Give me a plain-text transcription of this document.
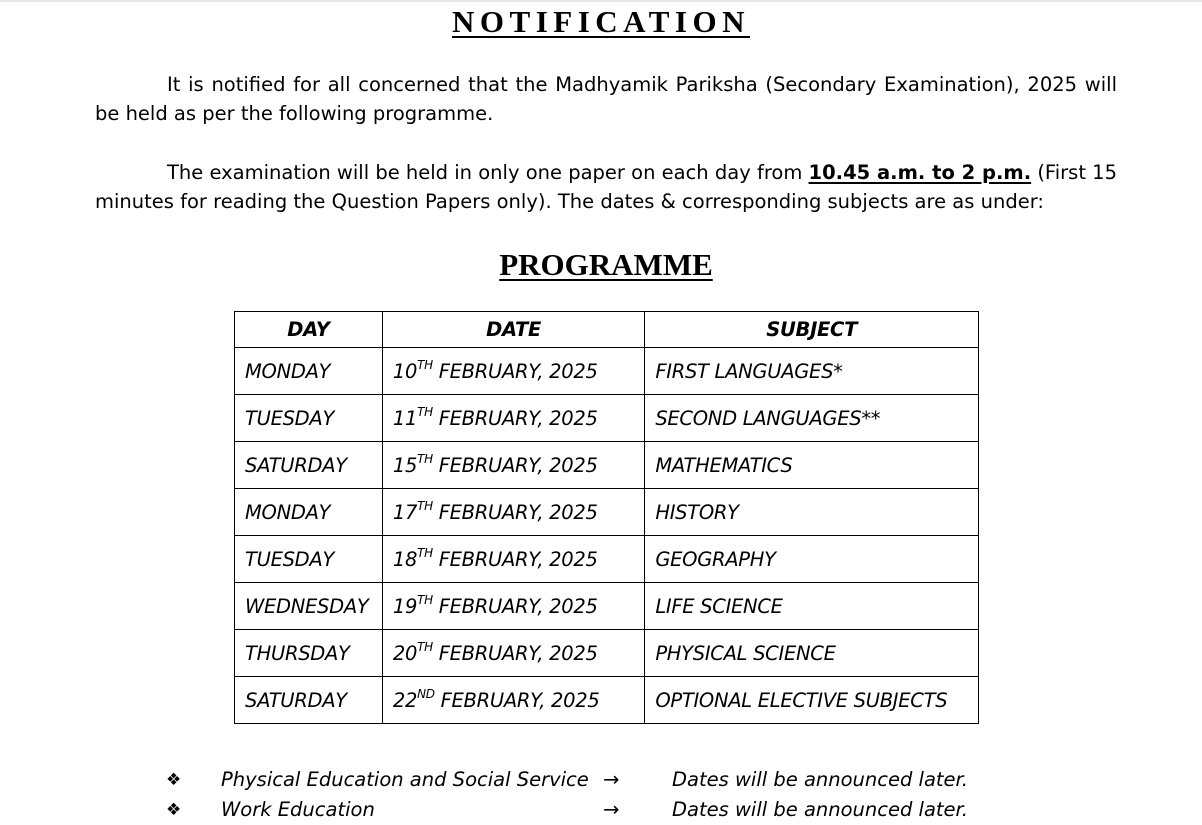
NOTIFICATION

It is notified for all concerned that the Madhyamik Pariksha (Secondary Examination), 2025 will be held as per the following programme.

The examination will be held in only one paper on each day from 10.45 a.m. to 2 p.m. (First 15 minutes for reading the Question Papers only). The dates & corresponding subjects are as under:

PROGRAMME
DAY	DATE	SUBJECT
MONDAY	10TH FEBRUARY, 2025	FIRST LANGUAGES*
TUESDAY	11TH FEBRUARY, 2025	SECOND LANGUAGES**
SATURDAY	15TH FEBRUARY, 2025	MATHEMATICS
MONDAY	17TH FEBRUARY, 2025	HISTORY
TUESDAY	18TH FEBRUARY, 2025	GEOGRAPHY
WEDNESDAY	19TH FEBRUARY, 2025	LIFE SCIENCE
THURSDAY	20TH FEBRUARY, 2025	PHYSICAL SCIENCE
SATURDAY	22ND FEBRUARY, 2025	OPTIONAL ELECTIVE SUBJECTS
❖ Physical Education and Social Service →	Dates will be announced later.
❖ Work Education	→	Dates will be announced later.
